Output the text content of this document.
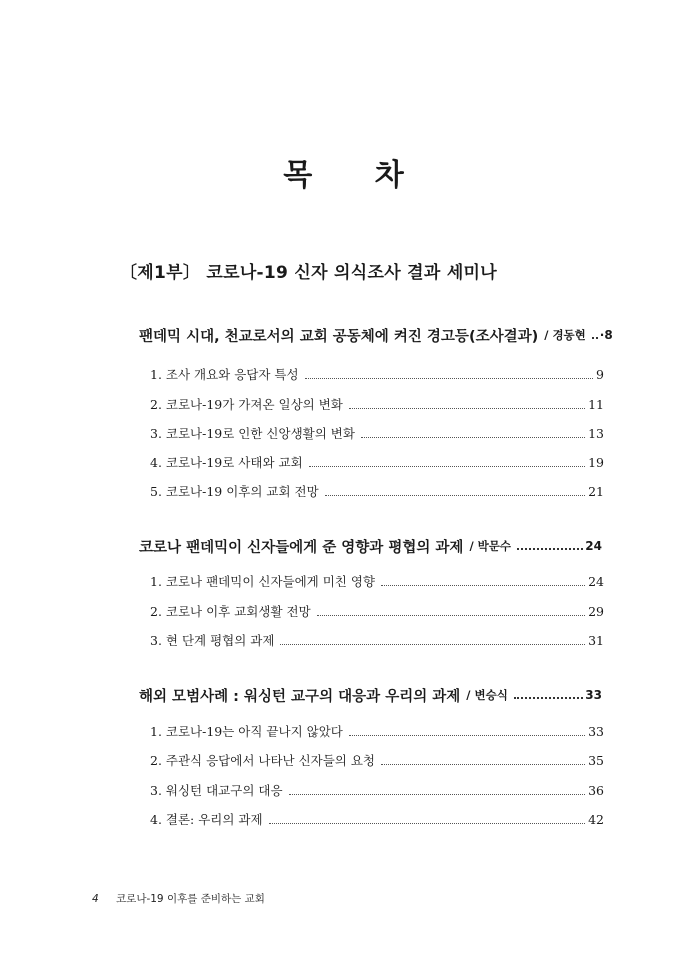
목 차
〔제1부〕 코로나-19 신자 의식조사 결과 세미나
팬데믹 시대, 천교로서의 교회 공동체에 켜진 경고등(조사결과) / 경동현 ·8
1. 조사 개요와 응답자 특성	9
2. 코로나-19가 가져온 일상의 변화	11
3. 코로나-19로 인한 신앙생활의 변화	13
4. 코로나-19로 사태와 교회	19
5. 코로나-19 이후의 교회 전망	21
코로나 팬데믹이 신자들에게 준 영향과 평협의 과제 / 박문수	24
1. 코로나 팬데믹이 신자들에게 미친 영향	24
2. 코로나 이후 교회생활 전망	29
3. 현 단계 평협의 과제	31
해외 모범사례 : 워싱턴 교구의 대응과 우리의 과제 / 변승식	33
1. 코로나-19는 아직 끝나지 않았다	33
2. 주관식 응답에서 나타난 신자들의 요청	35
3. 워싱턴 대교구의 대응	36
4. 결론: 우리의 과제	42
4 코로나-19 이후를 준비하는 교회
